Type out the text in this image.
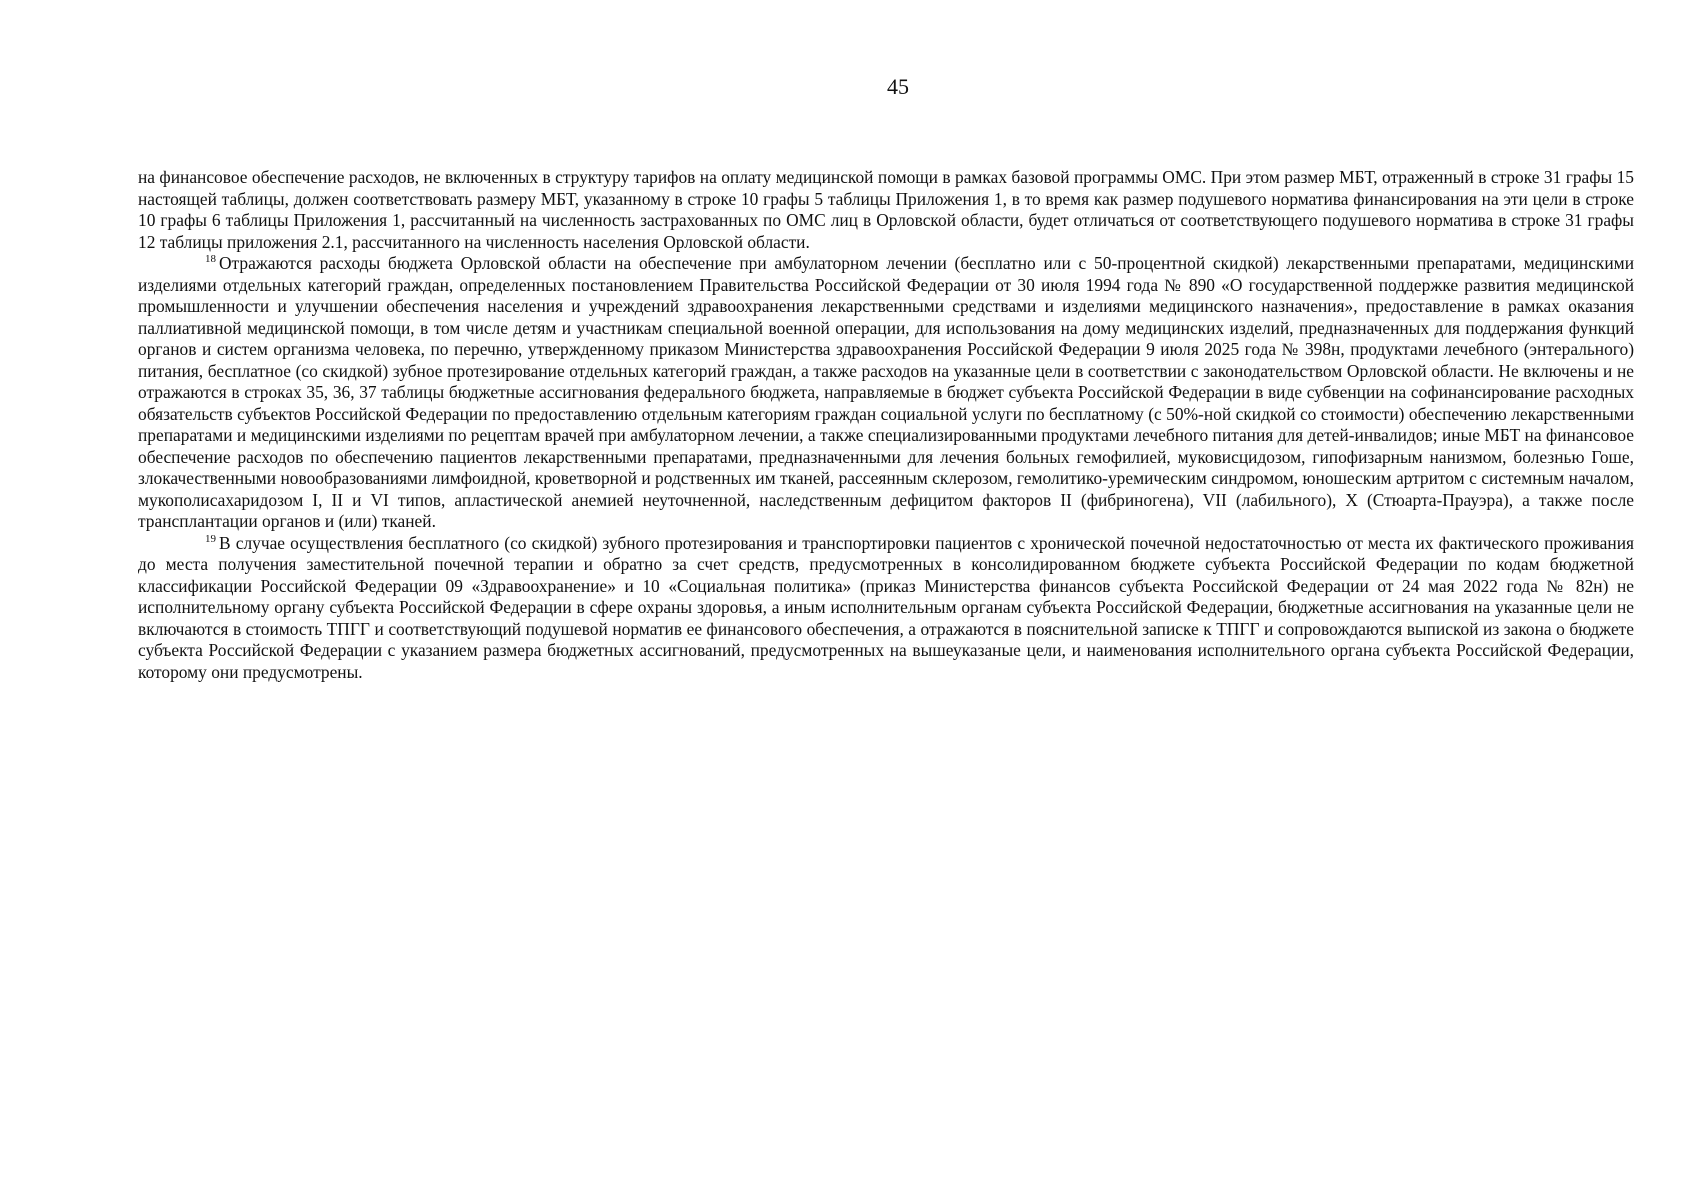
45

на финансовое обеспечение расходов, не включенных в структуру тарифов на оплату медицинской помощи в рамках базовой программы ОМС. При этом размер МБТ, отраженный в строке 31 графы 15 настоящей таблицы, должен соответствовать размеру МБТ, указанному в строке 10 графы 5 таблицы Приложения 1, в то время как размер подушевого норматива финансирования на эти цели в строке 10 графы 6 таблицы Приложения 1, рассчитанный на численность застрахованных по ОМС лиц в Орловской области, будет отличаться от соответствующего подушевого норматива в строке 31 графы 12 таблицы приложения 2.1, рассчитанного на численность населения Орловской области.

$^{18}$ Отражаются расходы бюджета Орловской области на обеспечение при амбулаторном лечении (бесплатно или с 50-процентной скидкой) лекарственными препаратами, медицинскими изделиями отдельных категорий граждан, определенных постановлением Правительства Российской Федерации от 30 июля 1994 года № 890 «О государственной поддержке развития медицинской промышленности и улучшении обеспечения населения и учреждений здравоохранения лекарственными средствами и изделиями медицинского назначения», предоставление в рамках оказания паллиативной медицинской помощи, в том числе детям и участникам специальной военной операции, для использования на дому медицинских изделий, предназначенных для поддержания функций органов и систем организма человека, по перечню, утвержденному приказом Министерства здравоохранения Российской Федерации 9 июля 2025 года № 398н, продуктами лечебного (энтерального) питания, бесплатное (со скидкой) зубное протезирование отдельных категорий граждан, а также расходов на указанные цели в соответствии с законодательством Орловской области. Не включены и не отражаются в строках 35, 36, 37 таблицы бюджетные ассигнования федерального бюджета, направляемые в бюджет субъекта Российской Федерации в виде субвенции на софинансирование расходных обязательств субъектов Российской Федерации по предоставлению отдельным категориям граждан социальной услуги по бесплатному (с 50%-ной скидкой со стоимости) обеспечению лекарственными препаратами и медицинскими изделиями по рецептам врачей при амбулаторном лечении, а также специализированными продуктами лечебного питания для детей-инвалидов; иные МБТ на финансовое обеспечение расходов по обеспечению пациентов лекарственными препаратами, предназначенными для лечения больных гемофилией, муковисцидозом, гипофизарным нанизмом, болезнью Гоше, злокачественными новообразованиями лимфоидной, кроветворной и родственных им тканей, рассеянным склерозом, гемолитико-уремическим синдромом, юношеским артритом с системным началом, мукополисахаридозом I, II и VI типов, апластической анемией неуточненной, наследственным дефицитом факторов II (фибриногена), VII (лабильного), X (Стюарта-Прауэра), а также после трансплантации органов и (или) тканей.

$^{19}$ В случае осуществления бесплатного (со скидкой) зубного протезирования и транспортировки пациентов с хронической почечной недостаточностью от места их фактического проживания до места получения заместительной почечной терапии и обратно за счет средств, предусмотренных в консолидированном бюджете субъекта Российской Федерации по кодам бюджетной классификации Российской Федерации 09 «Здравоохранение» и 10 «Социальная политика» (приказ Министерства финансов субъекта Российской Федерации от 24 мая 2022 года № 82н) не исполнительному органу субъекта Российской Федерации в сфере охраны здоровья, а иным исполнительным органам субъекта Российской Федерации, бюджетные ассигнования на указанные цели не включаются в стоимость ТПГГ и соответствующий подушевой норматив ее финансового обеспечения, а отражаются в пояснительной записке к ТПГГ и сопровождаются выпиской из закона о бюджете субъекта Российской Федерации с указанием размера бюджетных ассигнований, предусмотренных на вышеуказаные цели, и наименования исполнительного органа субъекта Российской Федерации, которому они предусмотрены.
